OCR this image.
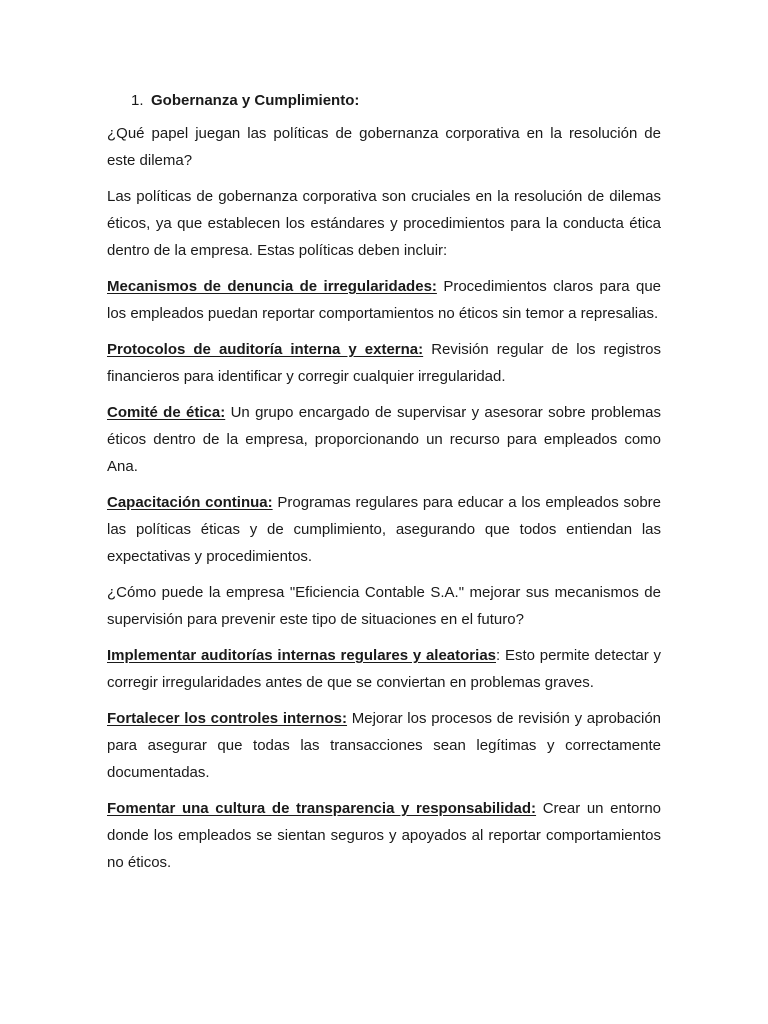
1. Gobernanza y Cumplimiento:

¿Qué papel juegan las políticas de gobernanza corporativa en la resolución de este dilema?

Las políticas de gobernanza corporativa son cruciales en la resolución de dilemas éticos, ya que establecen los estándares y procedimientos para la conducta ética dentro de la empresa. Estas políticas deben incluir:

Mecanismos de denuncia de irregularidades: Procedimientos claros para que los empleados puedan reportar comportamientos no éticos sin temor a represalias.

Protocolos de auditoría interna y externa: Revisión regular de los registros financieros para identificar y corregir cualquier irregularidad.

Comité de ética: Un grupo encargado de supervisar y asesorar sobre problemas éticos dentro de la empresa, proporcionando un recurso para empleados como Ana.

Capacitación continua: Programas regulares para educar a los empleados sobre las políticas éticas y de cumplimiento, asegurando que todos entiendan las expectativas y procedimientos.

¿Cómo puede la empresa "Eficiencia Contable S.A." mejorar sus mecanismos de supervisión para prevenir este tipo de situaciones en el futuro?

Implementar auditorías internas regulares y aleatorias: Esto permite detectar y corregir irregularidades antes de que se conviertan en problemas graves.

Fortalecer los controles internos: Mejorar los procesos de revisión y aprobación para asegurar que todas las transacciones sean legítimas y correctamente documentadas.

Fomentar una cultura de transparencia y responsabilidad: Crear un entorno donde los empleados se sientan seguros y apoyados al reportar comportamientos no éticos.
